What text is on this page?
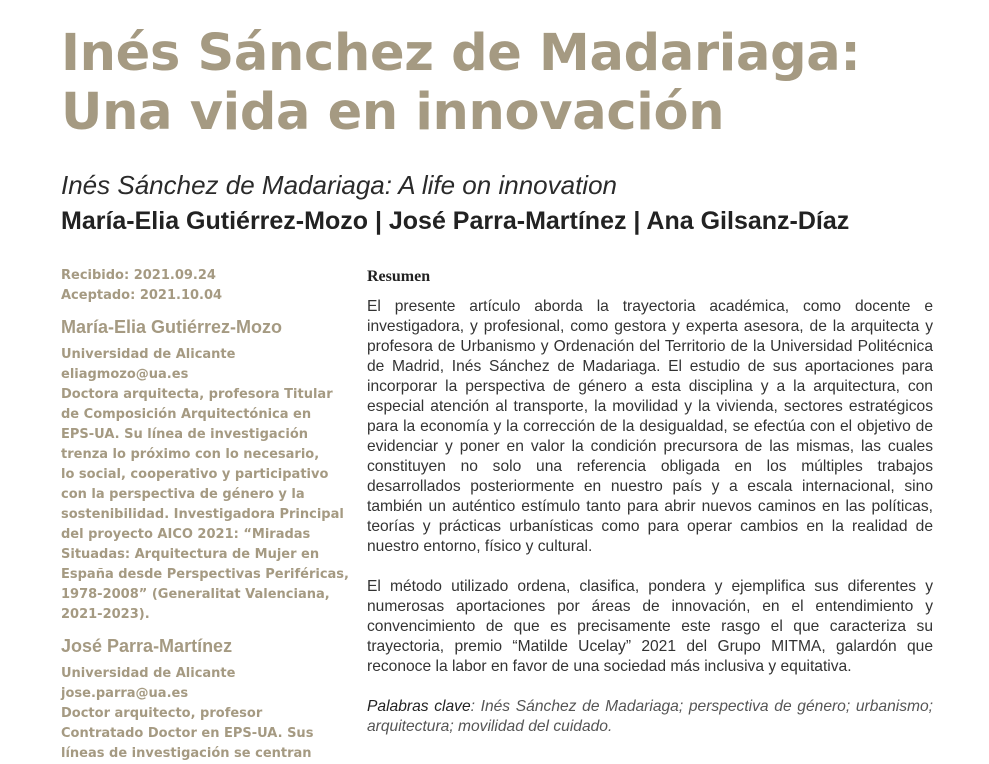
Inés Sánchez de Madariaga:
Una vida en innovación
Inés Sánchez de Madariaga: A life on innovation
María-Elia Gutiérrez-Mozo | José Parra-Martínez | Ana Gilsanz-Díaz
Recibido: 2021.09.24
Aceptado: 2021.10.04
María-Elia Gutiérrez-Mozo
Universidad de Alicante
eliagmozo@ua.es
Doctora arquitecta, profesora Titular
de Composición Arquitectónica en
EPS-UA. Su línea de investigación
trenza lo próximo con lo necesario,
lo social, cooperativo y participativo
con la perspectiva de género y la
sostenibilidad. Investigadora Principal
del proyecto AICO 2021: “Miradas
Situadas: Arquitectura de Mujer en
España desde Perspectivas Periféricas,
1978-2008” (Generalitat Valenciana,
2021-2023).
José Parra-Martínez
Universidad de Alicante
jose.parra@ua.es
Doctor arquitecto, profesor
Contratado Doctor en EPS-UA. Sus
líneas de investigación se centran
Resumen

El presente artículo aborda la trayectoria académica, como docente e investigadora, y profesional, como gestora y experta asesora, de la arquitecta y profesora de Urbanismo y Ordenación del Territorio de la Universidad Politécnica de Madrid, Inés Sánchez de Madariaga. El estudio de sus aportaciones para incorporar la perspectiva de género a esta disciplina y a la arquitectura, con especial atención al transporte, la movilidad y la vivienda, sectores estratégicos para la economía y la corrección de la desigualdad, se efectúa con el objetivo de evidenciar y poner en valor la condición precursora de las mismas, las cuales constituyen no solo una referencia obligada en los múltiples trabajos desarrollados posteriormente en nuestro país y a escala internacional, sino también un auténtico estímulo tanto para abrir nuevos caminos en las políticas, teorías y prácticas urbanísticas como para operar cambios en la realidad de nuestro entorno, físico y cultural.

El método utilizado ordena, clasifica, pondera y ejemplifica sus diferentes y numerosas aportaciones por áreas de innovación, en el entendimiento y convencimiento de que es precisamente este rasgo el que caracteriza su trayectoria, premio “Matilde Ucelay” 2021 del Grupo MITMA, galardón que reconoce la labor en favor de una sociedad más inclusiva y equitativa.

Palabras clave: Inés Sánchez de Madariaga; perspectiva de género; urbanismo; arquitectura; movilidad del cuidado.
